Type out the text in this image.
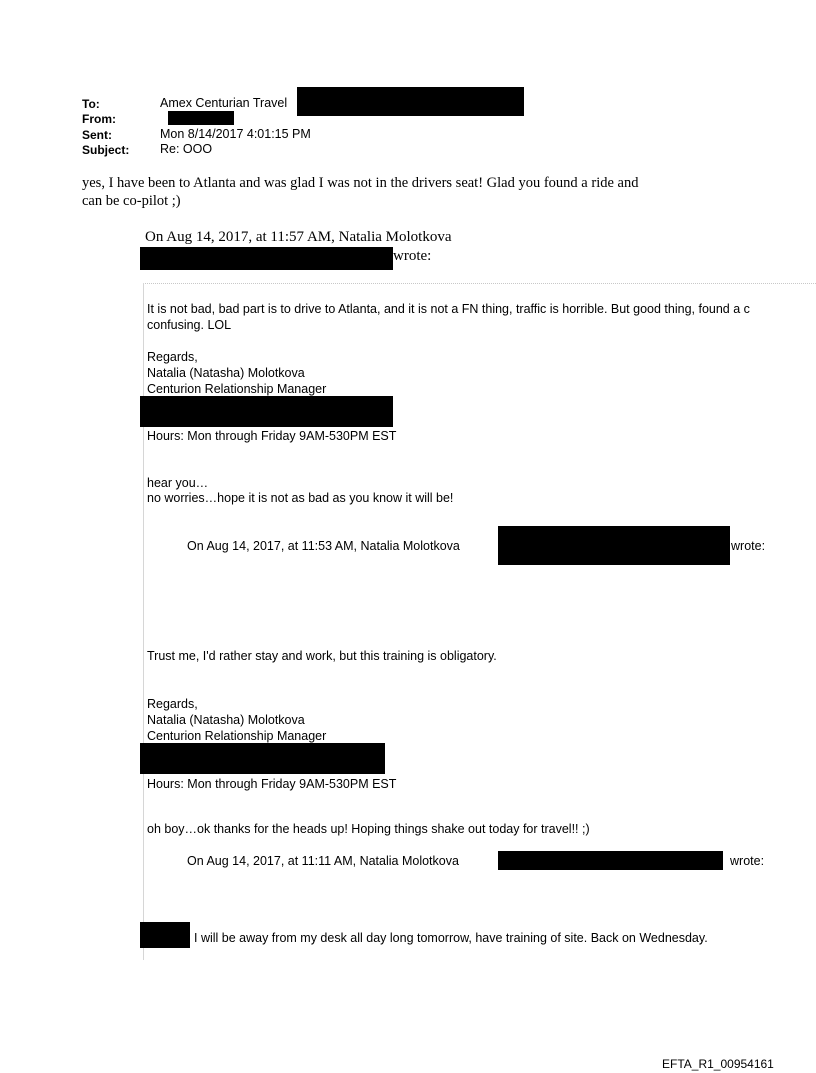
To:	Amex Centurian Travel
From:
Sent:	Mon 8/14/2017 4:01:15 PM
Subject: Re: OOO
yes, I have been to Atlanta and was glad I was not in the drivers seat! Glad you found a ride and
can be co-pilot ;)
On Aug 14, 2017, at 11:57 AM, Natalia Molotkova
wrote:
It is not bad, bad part is to drive to Atlanta, and it is not a FN thing, traffic is horrible. But good thing, found a c
confusing. LOL
Regards,
Natalia (Natasha) Molotkova
Centurion Relationship Manager
Hours: Mon through Friday 9AM-530PM EST
hear you…
no worries…hope it is not as bad as you know it will be!
On Aug 14, 2017, at 11:53 AM, Natalia Molotkova	wrote:
Trust me, I'd rather stay and work, but this training is obligatory.
Regards,
Natalia (Natasha) Molotkova
Centurion Relationship Manager
Hours: Mon through Friday 9AM-530PM EST
oh boy…ok thanks for the heads up! Hoping things shake out today for travel!! ;)
On Aug 14, 2017, at 11:11 AM, Natalia Molotkova	wrote:
I will be away from my desk all day long tomorrow, have training of site. Back on Wednesday.
EFTA_R1_00954161
